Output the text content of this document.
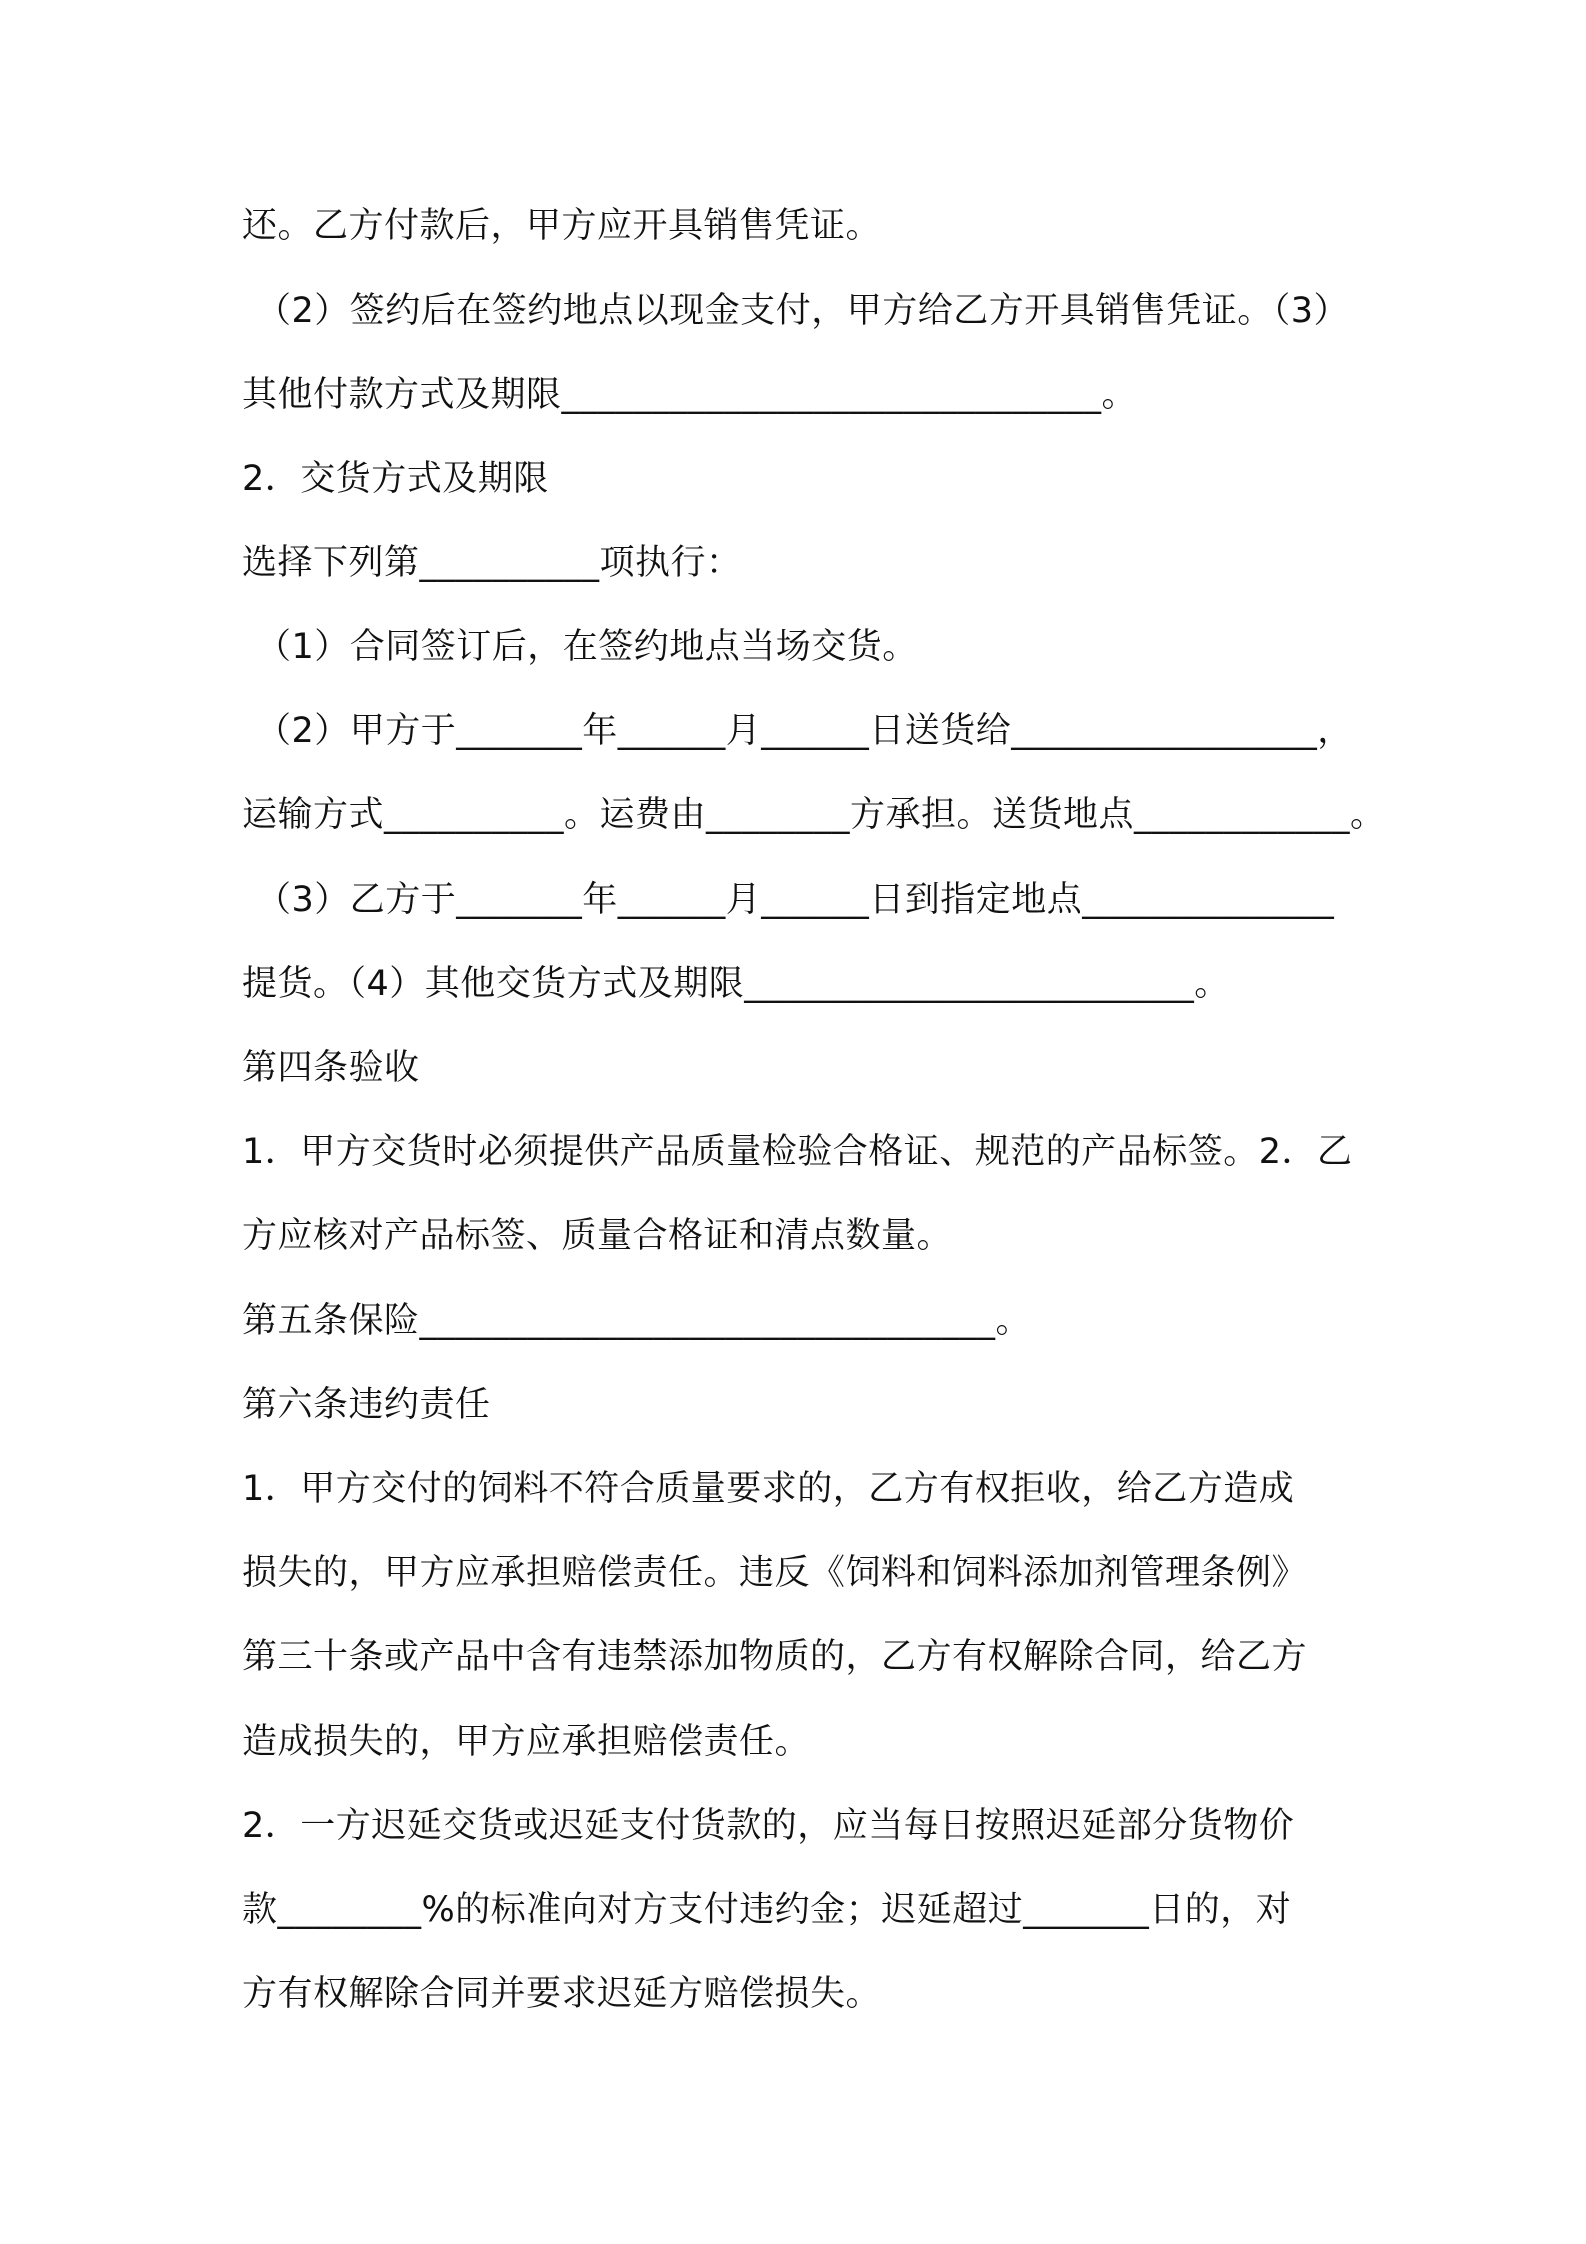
还。乙方付款后，甲方应开具销售凭证。
（2）签约后在签约地点以现金支付，甲方给乙方开具销售凭证。（3）
其他付款方式及期限______________________________。
2．交货方式及期限
选择下列第__________项执行：
（1）合同签订后，在签约地点当场交货。
（2）甲方于_______年______月______日送货给_________________，
运输方式__________。运费由________方承担。送货地点____________。
（3）乙方于_______年______月______日到指定地点______________
提货。（4）其他交货方式及期限_________________________。
第四条验收
1．甲方交货时必须提供产品质量检验合格证、规范的产品标签。2．乙
方应核对产品标签、质量合格证和清点数量。
第五条保险________________________________。
第六条违约责任
1．甲方交付的饲料不符合质量要求的，乙方有权拒收，给乙方造成
损失的，甲方应承担赔偿责任。违反《饲料和饲料添加剂管理条例》
第三十条或产品中含有违禁添加物质的，乙方有权解除合同，给乙方
造成损失的，甲方应承担赔偿责任。
2．一方迟延交货或迟延支付货款的，应当每日按照迟延部分货物价
款________%的标准向对方支付违约金；迟延超过_______日的，对
方有权解除合同并要求迟延方赔偿损失。
